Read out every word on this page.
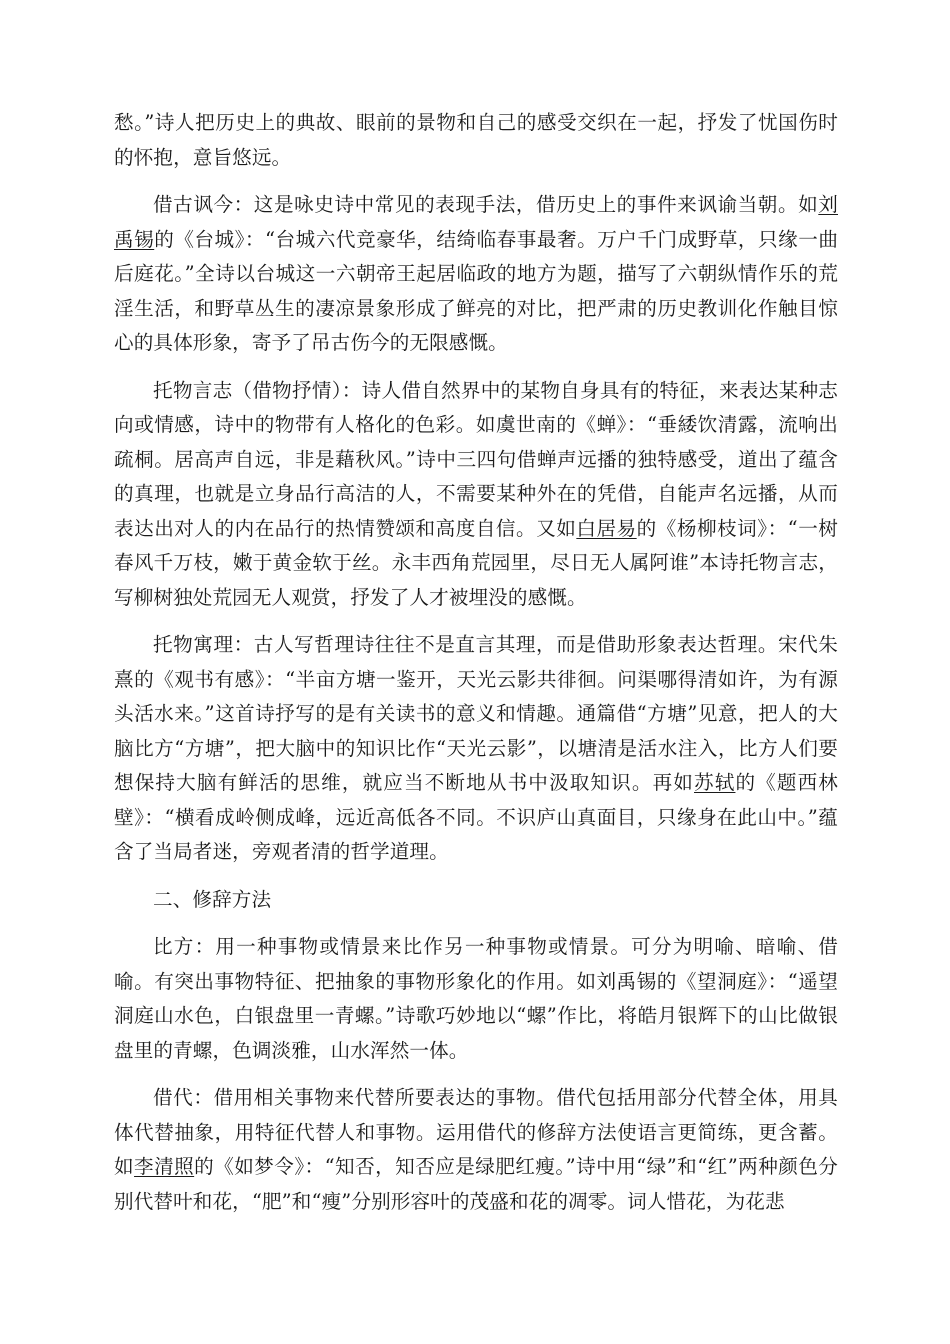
愁。”诗人把历史上的典故、眼前的景物和自己的感受交织在一起，抒发了忧国伤时的怀抱，意旨悠远。

借古讽今：这是咏史诗中常见的表现手法，借历史上的事件来讽谕当朝。如刘禹锡的《台城》：“台城六代竞豪华，结绮临春事最奢。万户千门成野草，只缘一曲后庭花。”全诗以台城这一六朝帝王起居临政的地方为题，描写了六朝纵情作乐的荒淫生活，和野草丛生的凄凉景象形成了鲜亮的对比，把严肃的历史教训化作触目惊心的具体形象，寄予了吊古伤今的无限感慨。

托物言志（借物抒情）：诗人借自然界中的某物自身具有的特征，来表达某种志向或情感，诗中的物带有人格化的色彩。如虞世南的《蝉》：“垂緌饮清露，流响出疏桐。居高声自远，非是藉秋风。”诗中三四句借蝉声远播的独特感受，道出了蕴含的真理，也就是立身品行高洁的人，不需要某种外在的凭借，自能声名远播，从而表达出对人的内在品行的热情赞颂和高度自信。又如白居易的《杨柳枝词》：“一树春风千万枝，嫩于黄金软于丝。永丰西角荒园里，尽日无人属阿谁”本诗托物言志，写柳树独处荒园无人观赏，抒发了人才被埋没的感慨。

托物寓理：古人写哲理诗往往不是直言其理，而是借助形象表达哲理。宋代朱熹的《观书有感》：“半亩方塘一鉴开，天光云影共徘徊。问渠哪得清如许，为有源头活水来。”这首诗抒写的是有关读书的意义和情趣。通篇借“方塘”见意，把人的大脑比方“方塘”，把大脑中的知识比作“天光云影”，以塘清是活水注入，比方人们要想保持大脑有鲜活的思维，就应当不断地从书中汲取知识。再如苏轼的《题西林壁》：“横看成岭侧成峰，远近高低各不同。不识庐山真面目，只缘身在此山中。”蕴含了当局者迷，旁观者清的哲学道理。

二、修辞方法

比方：用一种事物或情景来比作另一种事物或情景。可分为明喻、暗喻、借喻。有突出事物特征、把抽象的事物形象化的作用。如刘禹锡的《望洞庭》：“遥望洞庭山水色，白银盘里一青螺。”诗歌巧妙地以“螺”作比，将皓月银辉下的山比做银盘里的青螺，色调淡雅，山水浑然一体。

借代：借用相关事物来代替所要表达的事物。借代包括用部分代替全体，用具体代替抽象，用特征代替人和事物。运用借代的修辞方法使语言更简练，更含蓄。如李清照的《如梦令》：“知否，知否应是绿肥红瘦。”诗中用“绿”和“红”两种颜色分别代替叶和花，“肥”和“瘦”分别形容叶的茂盛和花的凋零。词人惜花，为花悲
